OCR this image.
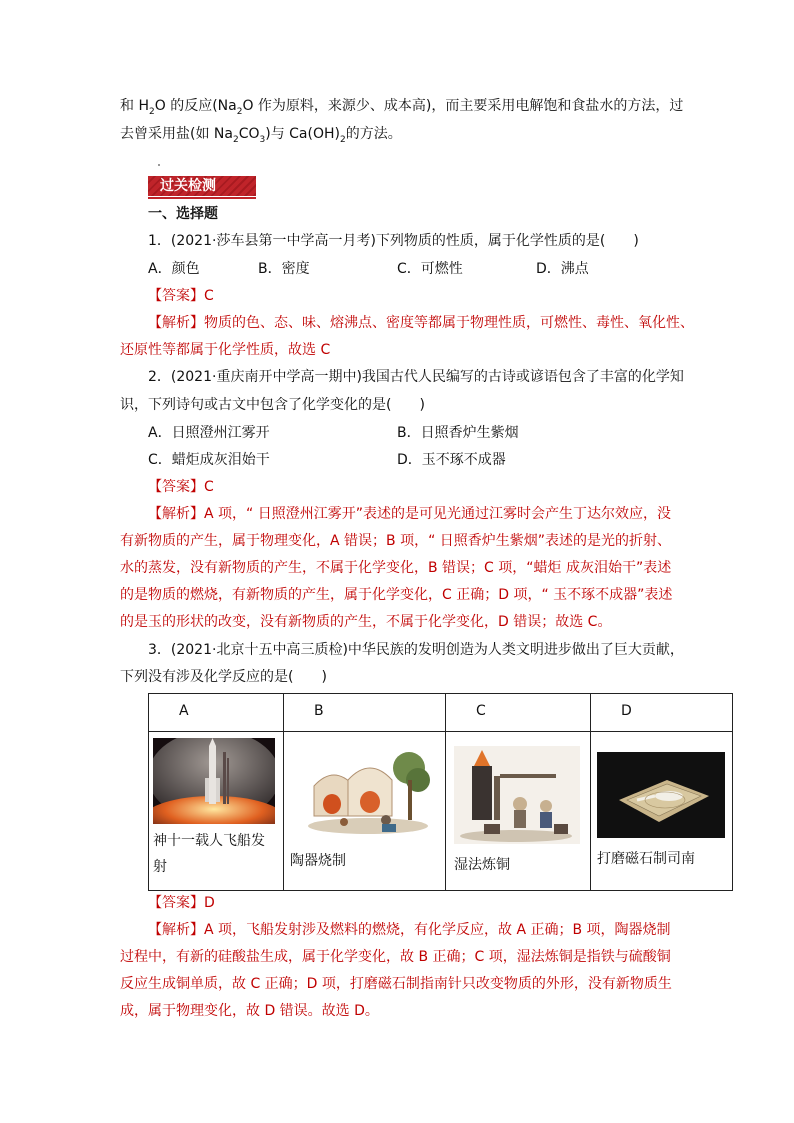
和 $H_2O$ 的反应($Na_2O$ 作为原料，来源少、成本高)，而主要采用电解饱和食盐水的方法，过
去曾采用盐(如 $Na_2CO_3$)与 $Ca(OH)_2$的方法。
过关检测
一、选择题
1．(2021·莎车县第一中学高一月考)下列物质的性质，属于化学性质的是(　　)
A．颜色	B．密度	C．可燃性	D．沸点
【答案】C
【解析】物质的色、态、味、熔沸点、密度等都属于物理性质，可燃性、毒性、氧化性、
还原性等都属于化学性质，故选 C
2．(2021·重庆南开中学高一期中)我国古代人民编写的古诗或谚语包含了丰富的化学知
识，下列诗句或古文中包含了化学变化的是(　　)
A．日照澄州江雾开	B．日照香炉生紫烟
C．蜡炬成灰泪始干	D．玉不琢不成器
【答案】C
【解析】A 项，“ 日照澄州江雾开”表述的是可见光通过江雾时会产生丁达尔效应，没
有新物质的产生，属于物理变化，A 错误；B 项，“ 日照香炉生紫烟”表述的是光的折射、
水的蒸发，没有新物质的产生，不属于化学变化，B 错误；C 项，“蜡炬 成灰泪始干”表述
的是物质的燃烧，有新物质的产生，属于化学变化，C 正确；D 项，“ 玉不琢不成器”表述
的是玉的形状的改变，没有新物质的产生，不属于化学变化，D 错误；故选 C。
3．(2021·北京十五中高三质检)中华民族的发明创造为人类文明进步做出了巨大贡献，
下列没有涉及化学反应的是(　　)
A	B	C	D

神十一载人飞船发
射	陶器烧制	湿法炼铜	打磨磁石制司南
【答案】D
【解析】A 项，飞船发射涉及燃料的燃烧，有化学反应，故 A 正确；B 项，陶器烧制
过程中，有新的硅酸盐生成，属于化学变化，故 B 正确；C 项，湿法炼铜是指铁与硫酸铜
反应生成铜单质，故 C 正确；D 项，打磨磁石制指南针只改变物质的外形，没有新物质生
成，属于物理变化，故 D 错误。故选 D。
